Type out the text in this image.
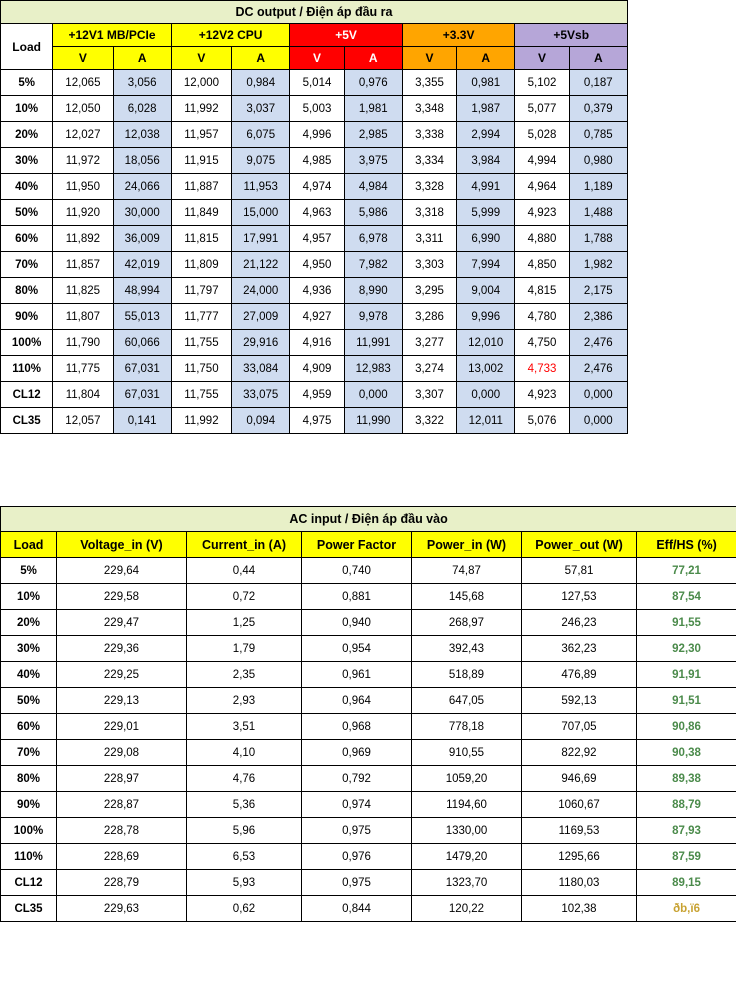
DC output / Điện áp đầu ra										
Load	+12V1 MB/PCIe		+12V2 CPU		+5V		+3.3V		+5Vsb	
	V	A	V	A	V	A	V	A	V	A
5%	12,065	3,056	12,000	0,984	5,014	0,976	3,355	0,981	5,102	0,187
10%	12,050	6,028	11,992	3,037	5,003	1,981	3,348	1,987	5,077	0,379
20%	12,027	12,038	11,957	6,075	4,996	2,985	3,338	2,994	5,028	0,785
30%	11,972	18,056	11,915	9,075	4,985	3,975	3,334	3,984	4,994	0,980
40%	11,950	24,066	11,887	11,953	4,974	4,984	3,328	4,991	4,964	1,189
50%	11,920	30,000	11,849	15,000	4,963	5,986	3,318	5,999	4,923	1,488
60%	11,892	36,009	11,815	17,991	4,957	6,978	3,311	6,990	4,880	1,788
70%	11,857	42,019	11,809	21,122	4,950	7,982	3,303	7,994	4,850	1,982
80%	11,825	48,994	11,797	24,000	4,936	8,990	3,295	9,004	4,815	2,175
90%	11,807	55,013	11,777	27,009	4,927	9,978	3,286	9,996	4,780	2,386
100%	11,790	60,066	11,755	29,916	4,916	11,991	3,277	12,010	4,750	2,476
110%	11,775	67,031	11,750	33,084	4,909	12,983	3,274	13,002	4,733	2,476
CL12	11,804	67,031	11,755	33,075	4,959	0,000	3,307	0,000	4,923	0,000
CL35	12,057	0,141	11,992	0,094	4,975	11,990	3,322	12,011	5,076	0,000
AC input / Điện áp đầu vào						
Load	Voltage_in (V)	Current_in (A)	Power Factor	Power_in (W)	Power_out (W)	Eff/HS (%)
5%	229,64	0,44	0,740	74,87	57,81	77,21
10%	229,58	0,72	0,881	145,68	127,53	87,54
20%	229,47	1,25	0,940	268,97	246,23	91,55
30%	229,36	1,79	0,954	392,43	362,23	92,30
40%	229,25	2,35	0,961	518,89	476,89	91,91
50%	229,13	2,93	0,964	647,05	592,13	91,51
60%	229,01	3,51	0,968	778,18	707,05	90,86
70%	229,08	4,10	0,969	910,55	822,92	90,38
80%	228,97	4,76	0,792	1059,20	946,69	89,38
90%	228,87	5,36	0,974	1194,60	1060,67	88,79
100%	228,78	5,96	0,975	1330,00	1169,53	87,93
110%	228,69	6,53	0,976	1479,20	1295,66	87,59
CL12	228,79	5,93	0,975	1323,70	1180,03	89,15
CL35	229,63	0,62	0,844	120,22	102,38	ðb,ï6
